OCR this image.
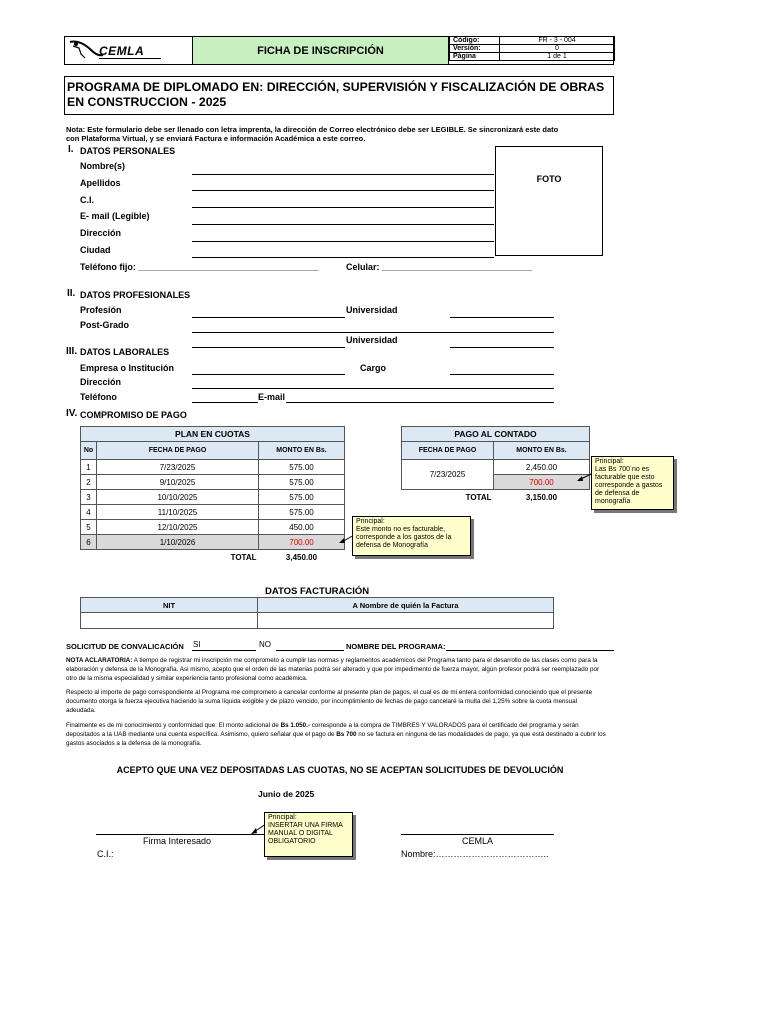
CEMLA	FICHA DE INSCRIPCIÓN
Código:	FR - 3 - 004
Versión:	0
Página	1 de 1
PROGRAMA DE DIPLOMADO EN: DIRECCIÓN, SUPERVISIÓN Y FISCALIZACIÓN DE OBRAS
EN CONSTRUCCION - 2025
Nota: Este formulario debe ser llenado con letra imprenta, la dirección de Correo electrónico debe ser LEGIBLE. Se sincronizará este dato
con Plataforma Virtual, y se enviará Factura e información Académica a este correo.
I. DATOS PERSONALES
Nombre(s)
Apellidos
C.I.
E- mail (Legible)
Dirección
Ciudad
FOTO
Teléfono fijo: ____________________________________	Celular: ______________________________
II. DATOS PROFESIONALES
Profesión	Universidad
Post-Grado
Universidad
III. DATOS LABORALES
Empresa o Institución	Cargo
Dirección
Teléfono	E-mail
IV. COMPROMISO DE PAGO
PLAN EN CUOTAS		
No	FECHA DE PAGO	MONTO EN Bs.
1	7/23/2025	575.00
2	9/10/2025	575.00
3	10/10/2025	575.00
4	11/10/2025	575.00
5	12/10/2025	450.00
6	1/10/2026	700.00
TOTAL		3,450.00
PAGO AL CONTADO	
FECHA DE PAGO	MONTO EN Bs.
7/23/2025	2,450.00
	700.00
TOTAL	3,150.00
Principal:
Las Bs 700 no es facturable que esto corresponde a gastos de defensa de monografía
Principal:
Este monto no es facturable, corresponde a los gastos de la defensa de Monografía
DATOS FACTURACIÓN
NIT	A Nombre de quién la Factura

SOLICITUD DE CONVALICACIÓN SI	NO	NOMBRE DEL PROGRAMA:
NOTA ACLARATORIA: A tiempo de registrar mi inscripción me comprometo a cumplir las normas y reglamentos académicos del Programa tanto para el desarrollo de las clases como para la elaboración y defensa de la Monografía. Asi mismo, acepto que el orden de las materias podrá ser alterado y que por impedimento de fuerza mayor, algún profesor podrá ser reemplazado por otro de la misma especialidad y similar experiencia tanto profesional como académica.
Respecto al importe de pago correspondiente al Programa me comprometo a cancelar conforme al presente plan de pagos, el cual es de mi entera conformidad conociendo que el presente documento otorga la fuerza ejecutiva haciendo la suma líquida exigible y de plazo vencido, por incumplimiento de fechas de pago cancelaré la multa del 1,25% sobre la cuota mensual adeudada.
Finalmente es de mi conocimiento y conformidad que: El monto adicional de Bs 1.050.- corresponde a la compra de TIMBRES Y VALORADOS para el certificado del programa y serán depositados a la UAB mediante una cuenta específica. Asimismo, quiero señalar que el pago de Bs 700 no se factura en ninguna de las modalidades de pago, ya que está destinado a cubrir los gastos asociados a la defensa de la monografía.
ACEPTO QUE UNA VEZ DEPOSITADAS LAS CUOTAS, NO SE ACEPTAN SOLICITUDES DE DEVOLUCIÓN
Junio de 2025
Firma Interesado
C.I.:
Principal:
INSERTAR UNA FIRMA MANUAL O DIGITAL OBLIGATORIO	CEMLA
Nombre:………………………………..
